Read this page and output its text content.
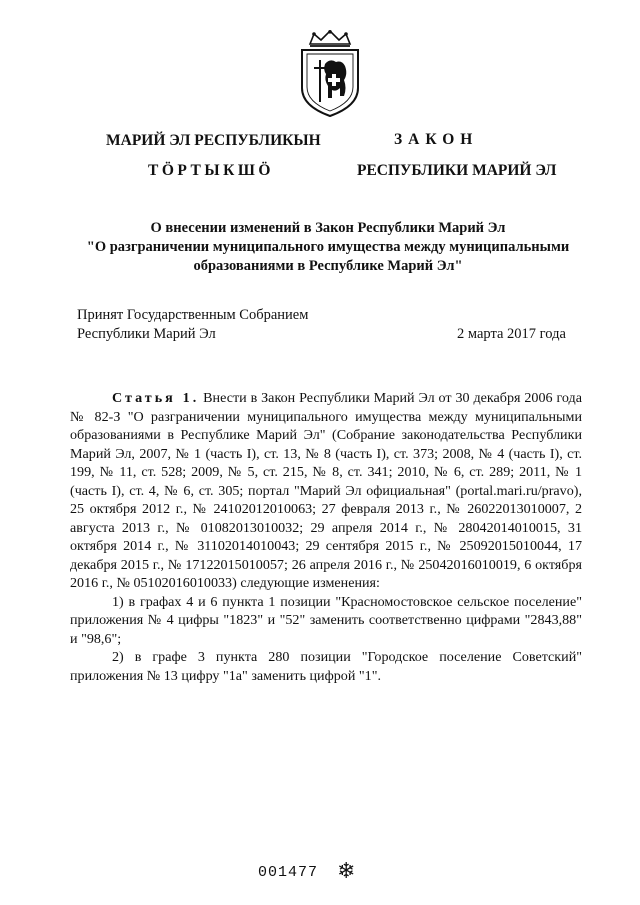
МАРИЙ ЭЛ РЕСПУБЛИКЫН
ТӦРТЫКШӦ
ЗАКОН
РЕСПУБЛИКИ МАРИЙ ЭЛ
О внесении изменений в Закон Республики Марий Эл
"О разграничении муниципального имущества между муниципальными
образованиями в Республике Марий Эл"
Принят Государственным Собранием
Республики Марий Эл	2 марта 2017 года

Статья 1. Внести в Закон Республики Марий Эл от 30 декабря 2006 года № 82-З "О разграничении муниципального имущества между муниципальными образованиями в Республике Марий Эл" (Собрание законодательства Республики Марий Эл, 2007, № 1 (часть I), ст. 13, № 8 (часть I), ст. 373; 2008, № 4 (часть I), ст. 199, № 11, ст. 528; 2009, № 5, ст. 215, № 8, ст. 341; 2010, № 6, ст. 289; 2011, № 1 (часть I), ст. 4, № 6, ст. 305; портал "Марий Эл официальная" (portal.mari.ru/pravo), 25 октября 2012 г., № 24102012010063; 27 февраля 2013 г., № 26022013010007, 2 августа 2013 г., № 01082013010032; 29 апреля 2014 г., № 28042014010015, 31 октября 2014 г., № 31102014010043; 29 сентября 2015 г., № 25092015010044, 17 декабря 2015 г., № 17122015010057; 26 апреля 2016 г., № 25042016010019, 6 октября 2016 г., № 05102016010033) следующие изменения:

1) в графах 4 и 6 пункта 1 позиции "Красномостовское сельское поселение" приложения № 4 цифры "1823" и "52" заменить соответственно цифрами "2843,88" и "98,6";

2) в графе 3 пункта 280 позиции "Городское поселение Советский" приложения № 13 цифру "1а" заменить цифрой "1".

001477 ❄
